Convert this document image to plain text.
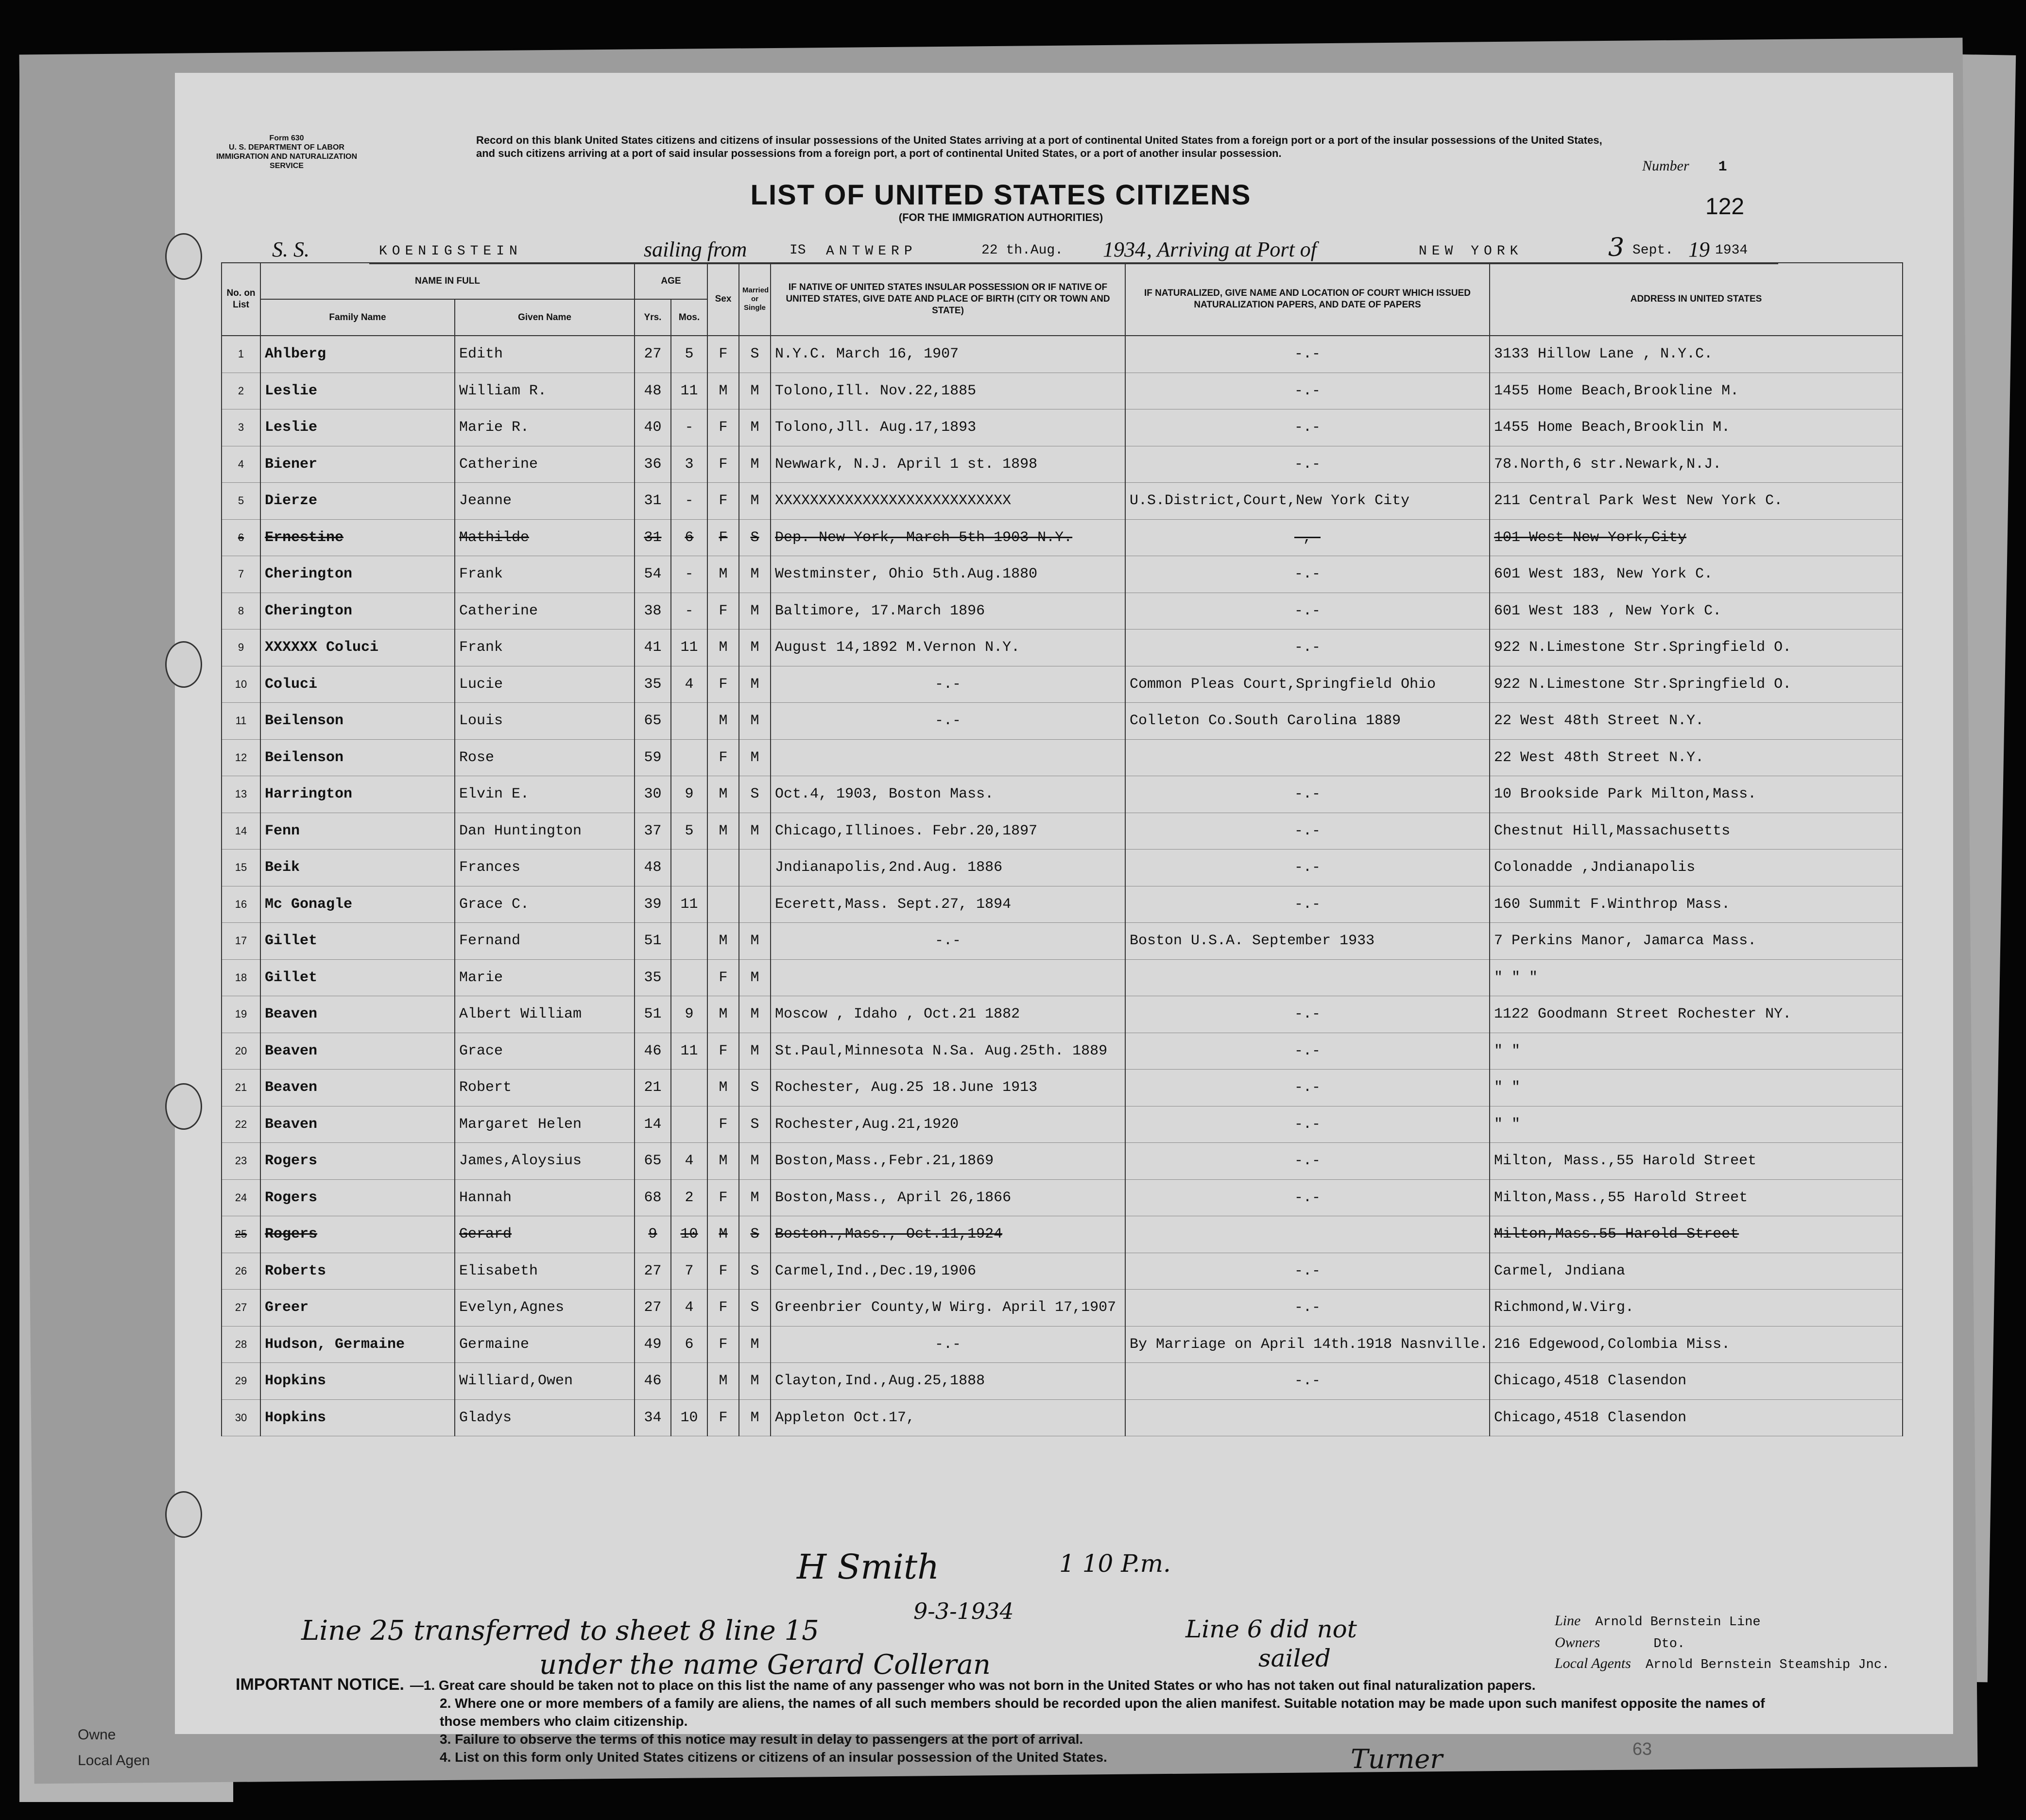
Owne
Local Agen
Form 630
U. S. DEPARTMENT OF LABOR
IMMIGRATION AND NATURALIZATION SERVICE
Record on this blank United States citizens and citizens of insular possessions of the United States arriving at a port of continental United States from a foreign port or a port of the insular possessions of the United States, and such citizens arriving at a port of said insular possessions from a foreign port, a port of continental United States, or a port of another insular possession.
Number 1
122
LIST OF UNITED STATES CITIZENS
(FOR THE IMMIGRATION AUTHORITIES)
S. S.	KOENIGSTEIN	sailing from	IS ANTWERP	22 th.Aug. 1934 , Arriving at Port of	NEW YORK	3 Sept. 19 1934
No. on List	NAME IN FULL		AGE		Sex	Married or Single	IF NATIVE OF UNITED STATES INSULAR POSSESSION OR IF NATIVE OF UNITED STATES, GIVE DATE AND PLACE OF BIRTH (CITY OR TOWN AND STATE)	IF NATURALIZED, GIVE NAME AND LOCATION OF COURT WHICH ISSUED NATURALIZATION PAPERS, AND DATE OF PAPERS	ADDRESS IN UNITED STATES
	Family Name	Given Name	Yrs.	Mos.					
1	Ahlberg	Edith	27	5	F	S	N.Y.C. March 16, 1907	-.-	3133 Hillow Lane , N.Y.C.
2	Leslie	William R.	48	11	M	M	Tolono,Ill. Nov.22,1885	-.-	1455 Home Beach,Brookline M.
3	Leslie	Marie R.	40	-	F	M	Tolono,Jll. Aug.17,1893	-.-	1455 Home Beach,Brooklin M.
4	Biener	Catherine	36	3	F	M	Newwark, N.J. April 1 st. 1898	-.-	78.North,6 str.Newark,N.J.
5	Dierze	Jeanne	31	-	F	M	XXXXXXXXXXXXXXXXXXXXXXXXXXX	U.S.District,Court,New York City	211 Central Park West New York C.
6	Ernestine	Mathilde	31	6	F	S	Dep. New York, March 5th 1903 N.Y.	-,-	101 West New York,City
7	Cherington	Frank	54	-	M	M	Westminster, Ohio 5th.Aug.1880	-.-	601 West 183, New York C.
8	Cherington	Catherine	38	-	F	M	Baltimore, 17.March 1896	-.-	601 West 183 , New York C.
9	XXXXXX Coluci	Frank	41	11	M	M	August 14,1892 M.Vernon N.Y.	-.-	922 N.Limestone Str.Springfield O.
10	Coluci	Lucie	35	4	F	M	-.-	Common Pleas Court,Springfield Ohio	922 N.Limestone Str.Springfield O.
11	Beilenson	Louis	65		M	M	-.-	Colleton Co.South Carolina 1889	22 West 48th Street N.Y.
12	Beilenson	Rose	59		F	M			22 West 48th Street N.Y.
13	Harrington	Elvin E.	30	9	M	S	Oct.4, 1903, Boston Mass.	-.-	10 Brookside Park Milton,Mass.
14	Fenn	Dan Huntington	37	5	M	M	Chicago,Illinoes. Febr.20,1897	-.-	Chestnut Hill,Massachusetts
15	Beik	Frances	48				Jndianapolis,2nd.Aug. 1886	-.-	Colonadde ,Jndianapolis
16	Mc Gonagle	Grace C.	39	11			Ecerett,Mass. Sept.27, 1894	-.-	160 Summit F.Winthrop Mass.
17	Gillet	Fernand	51		M	M	-.-	Boston U.S.A. September 1933	7 Perkins Manor, Jamarca Mass.
18	Gillet	Marie	35		F	M			" " "
19	Beaven	Albert William	51	9	M	M	Moscow , Idaho , Oct.21 1882	-.-	1122 Goodmann Street Rochester NY.
20	Beaven	Grace	46	11	F	M	St.Paul,Minnesota N.Sa. Aug.25th. 1889	-.-	" "
21	Beaven	Robert	21		M	S	Rochester, Aug.25 18.June 1913	-.-	" "
22	Beaven	Margaret Helen	14		F	S	Rochester,Aug.21,1920	-.-	" "
23	Rogers	James,Aloysius	65	4	M	M	Boston,Mass.,Febr.21,1869	-.-	Milton, Mass.,55 Harold Street
24	Rogers	Hannah	68	2	F	M	Boston,Mass., April 26,1866	-.-	Milton,Mass.,55 Harold Street
25	Rogers	Gerard	9	10	M	S	Boston.,Mass., Oct.11,1924		Milton,Mass.55 Harold Street
26	Roberts	Elisabeth	27	7	F	S	Carmel,Ind.,Dec.19,1906	-.-	Carmel, Jndiana
27	Greer	Evelyn,Agnes	27	4	F	S	Greenbrier County,W Wirg. April 17,1907	-.-	Richmond,W.Virg.
28	Hudson, Germaine	Germaine	49	6	F	M	-.-	By Marriage on April 14th.1918 Nasnville.	216 Edgewood,Colombia Miss.
29	Hopkins	Williard,Owen	46		M	M	Clayton,Ind.,Aug.25,1888	-.-	Chicago,4518 Clasendon
30	Hopkins	Gladys	34	10	F	M	Appleton Oct.17,		Chicago,4518 Clasendon
H Smith	1 10 P.m.
Line 25 transferred to sheet 8 line 15
9-3-1934
under the name Gerard Colleran
Line 6 did not
sailed
Turner
Line Arnold Bernstein Line
Owners	Dto.
Local Agents Arnold Bernstein Steamship Jnc.
IMPORTANT NOTICE. —1. Great care should be taken not to place on this list the name of any passenger who was not born in the United States or who has not taken out final naturalization papers.
2. Where one or more members of a family are aliens, the names of all such members should be recorded upon the alien manifest. Suitable notation may be made upon such manifest opposite the names of those members who claim citizenship.
3. Failure to observe the terms of this notice may result in delay to passengers at the port of arrival.
4. List on this form only United States citizens or citizens of an insular possession of the United States.	63
